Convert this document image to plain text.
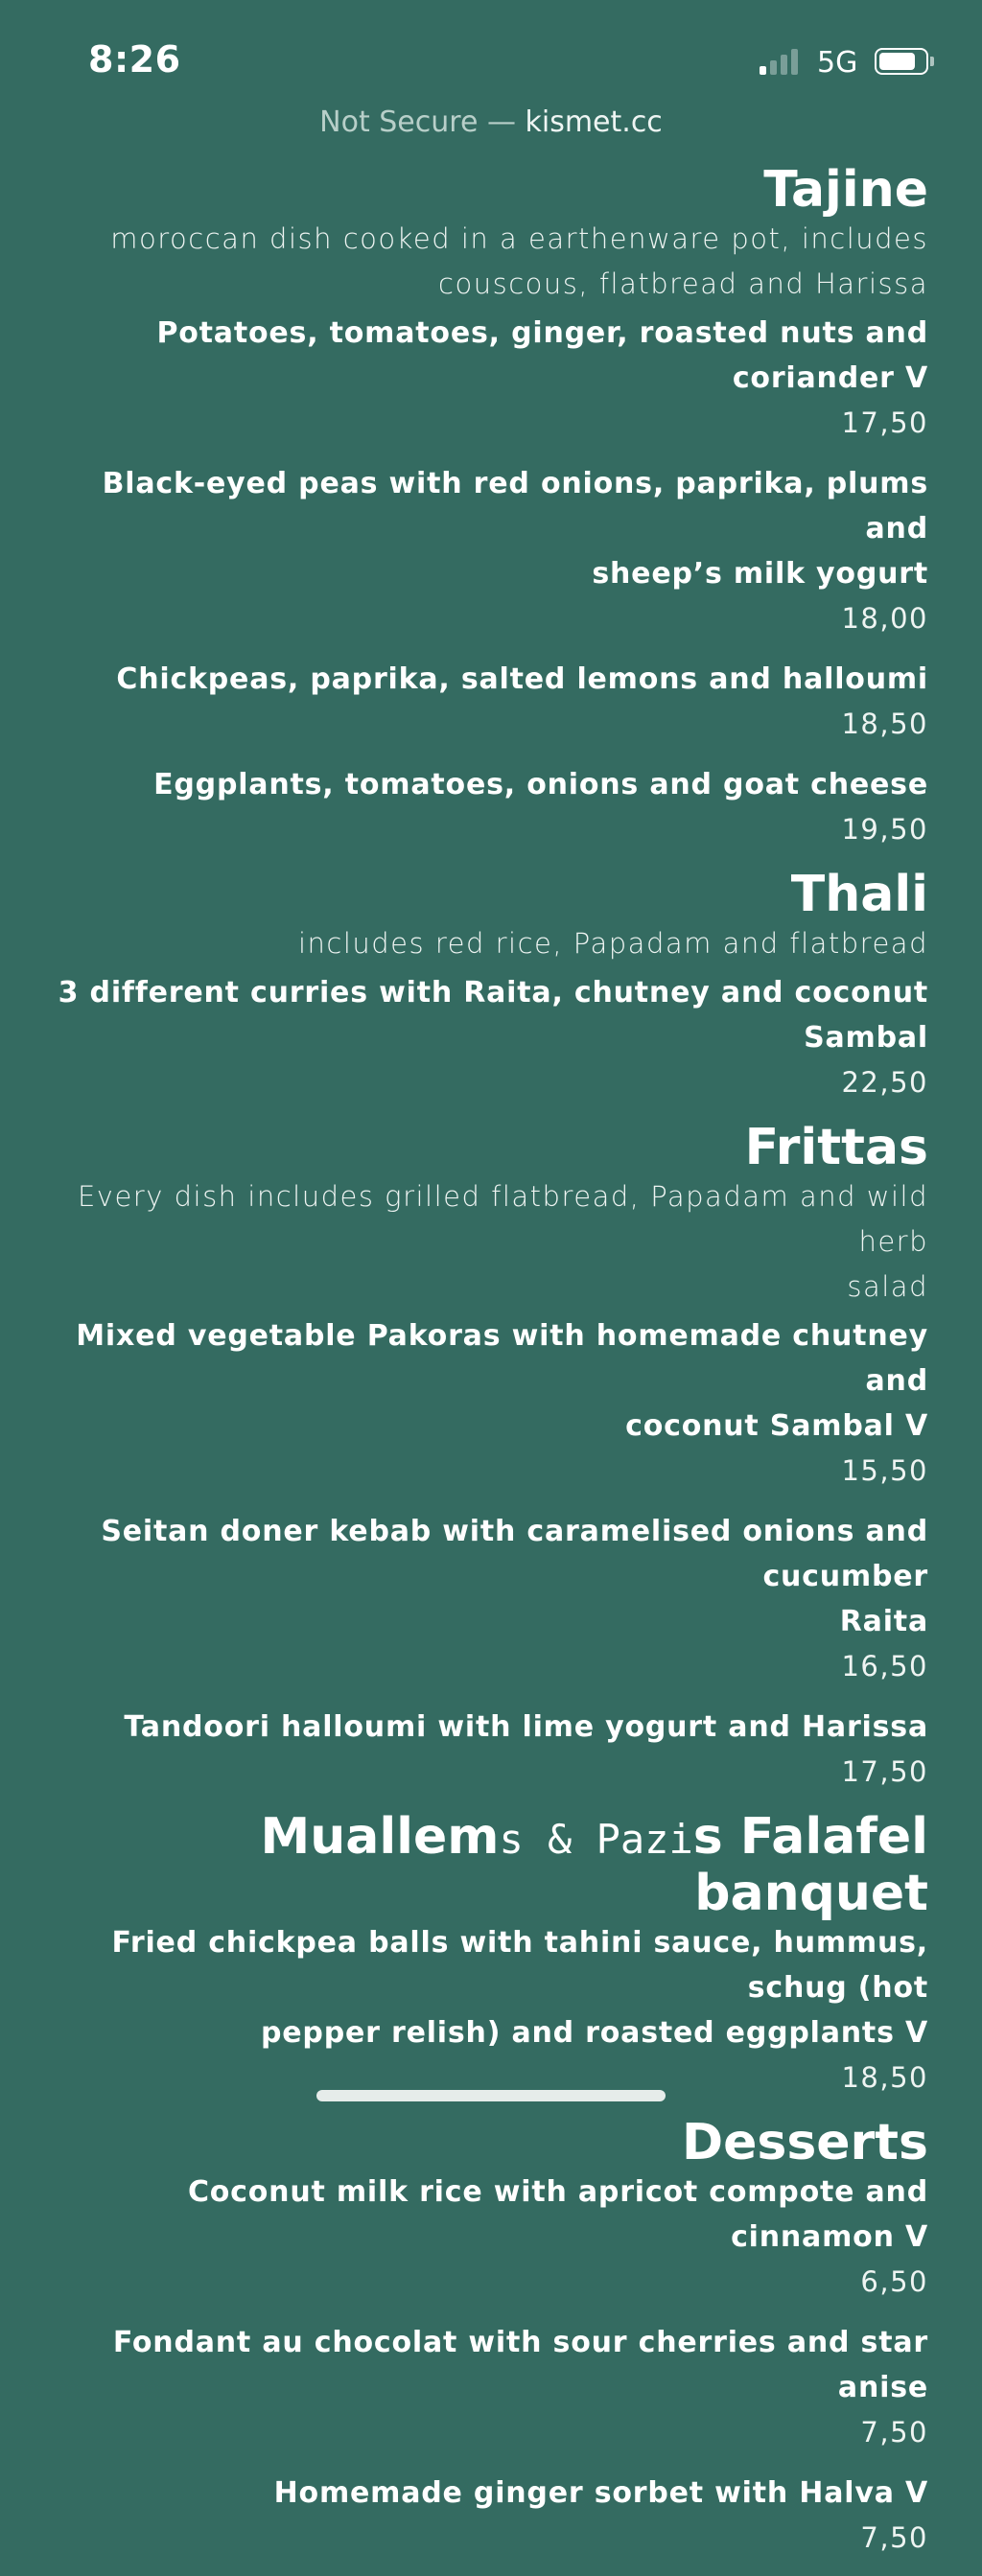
8:26	5G
Not Secure — kismet.cc
Tajine

moroccan dish cooked in a earthenware pot, includes
couscous, flatbread and Harissa

Potatoes, tomatoes, ginger, roasted nuts and coriander V
17,50
Black-eyed peas with red onions, paprika, plums and
sheep’s milk yogurt
18,00
Chickpeas, paprika, salted lemons and halloumi
18,50
Eggplants, tomatoes, onions and goat cheese
19,50
Thali

includes red rice, Papadam and flatbread

3 different curries with Raita, chutney and coconut Sambal
22,50
Frittas

Every dish includes grilled flatbread, Papadam and wild herb
salad

Mixed vegetable Pakoras with homemade chutney and
coconut Sambal V
15,50
Seitan doner kebab with caramelised onions and cucumber
Raita
16,50
Tandoori halloumi with lime yogurt and Harissa
17,50
Muallems & Pazis Falafel banquet
Fried chickpea balls with tahini sauce, hummus, schug (hot
pepper relish) and roasted eggplants V
18,50
Desserts
Coconut milk rice with apricot compote and cinnamon V
6,50
Fondant au chocolat with sour cherries and star anise
7,50
Homemade ginger sorbet with Halva V
7,50
